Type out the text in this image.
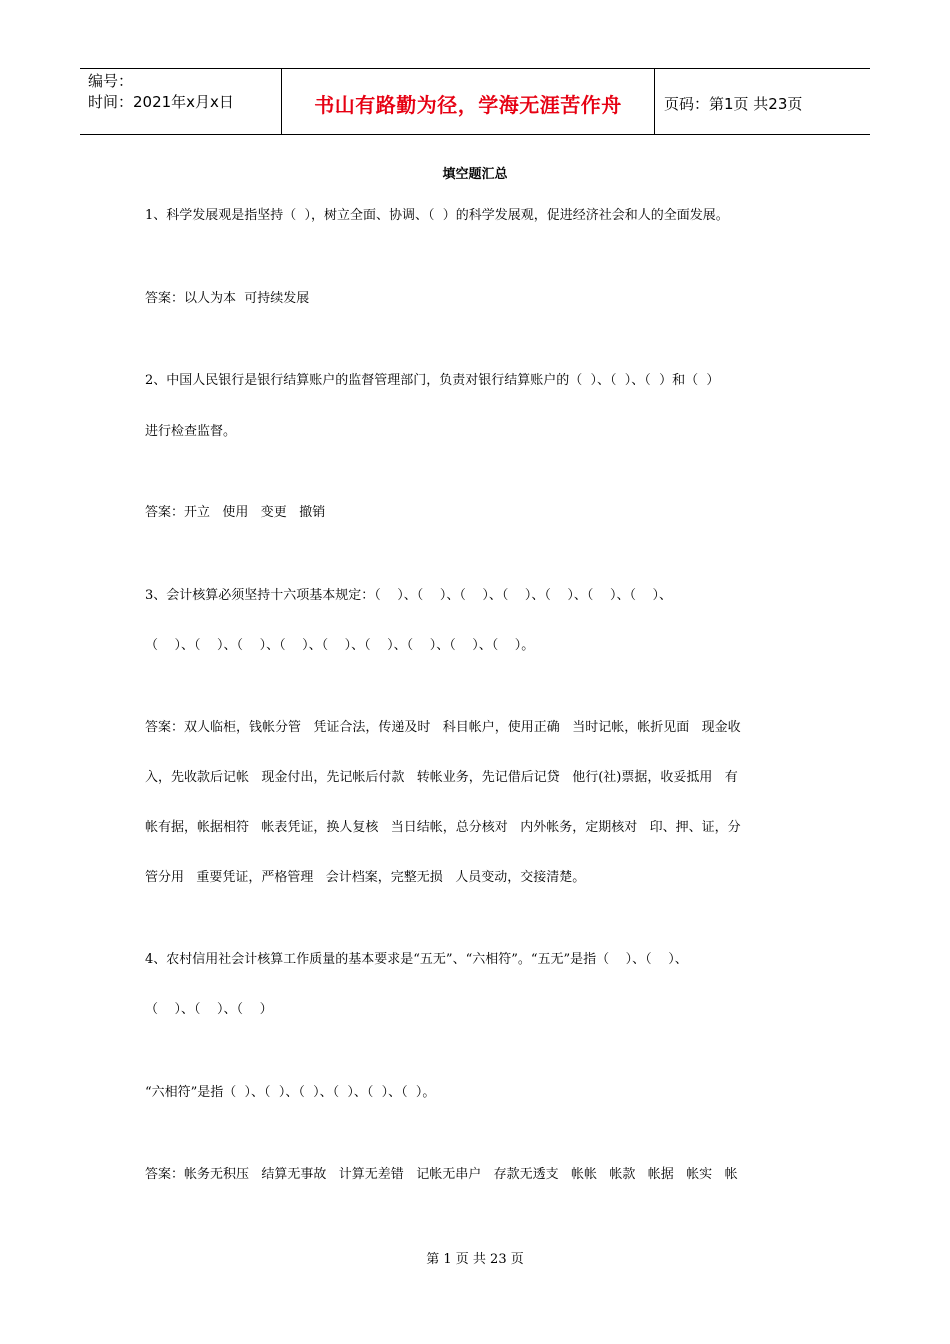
编号：
时间：2021年x月x日	书山有路勤为径，学海无涯苦作舟	页码：第1页 共23页
填空题汇总
1、科学发展观是指坚持（  ），树立全面、协调、（  ）的科学发展观，促进经济社会和人的全面发展。
答案：以人为本  可持续发展
2、中国人民银行是银行结算账户的监督管理部门，负责对银行结算账户的（  ）、（  ）、（  ）和（  ）
进行检查监督。
答案：开立   使用   变更   撤销
3、会计核算必须坚持十六项基本规定：（    ）、（    ）、（    ）、（    ）、（    ）、（    ）、（    ）、
（    ）、（    ）、（    ）、（    ）、（    ）、（    ）、（    ）、（    ）、（    ）。
答案：双人临柜，钱帐分管   凭证合法，传递及时   科目帐户，使用正确   当时记帐，帐折见面   现金收
入，先收款后记帐   现金付出，先记帐后付款   转帐业务，先记借后记贷   他行(社)票据，收妥抵用   有
帐有据，帐据相符   帐表凭证，换人复核   当日结帐，总分核对   内外帐务，定期核对   印、押、证，分
管分用   重要凭证，严格管理   会计档案，完整无损   人员变动，交接清楚。
4、农村信用社会计核算工作质量的基本要求是“五无”、“六相符”。“五无”是指（    ）、（    ）、
（    ）、（    ）、（    ）
“六相符”是指（  ）、（  ）、（  ）、（  ）、（  ）、（  ）。
答案：帐务无积压   结算无事故   计算无差错   记帐无串户   存款无透支   帐帐   帐款   帐据   帐实   帐
第 1 页 共 23 页
